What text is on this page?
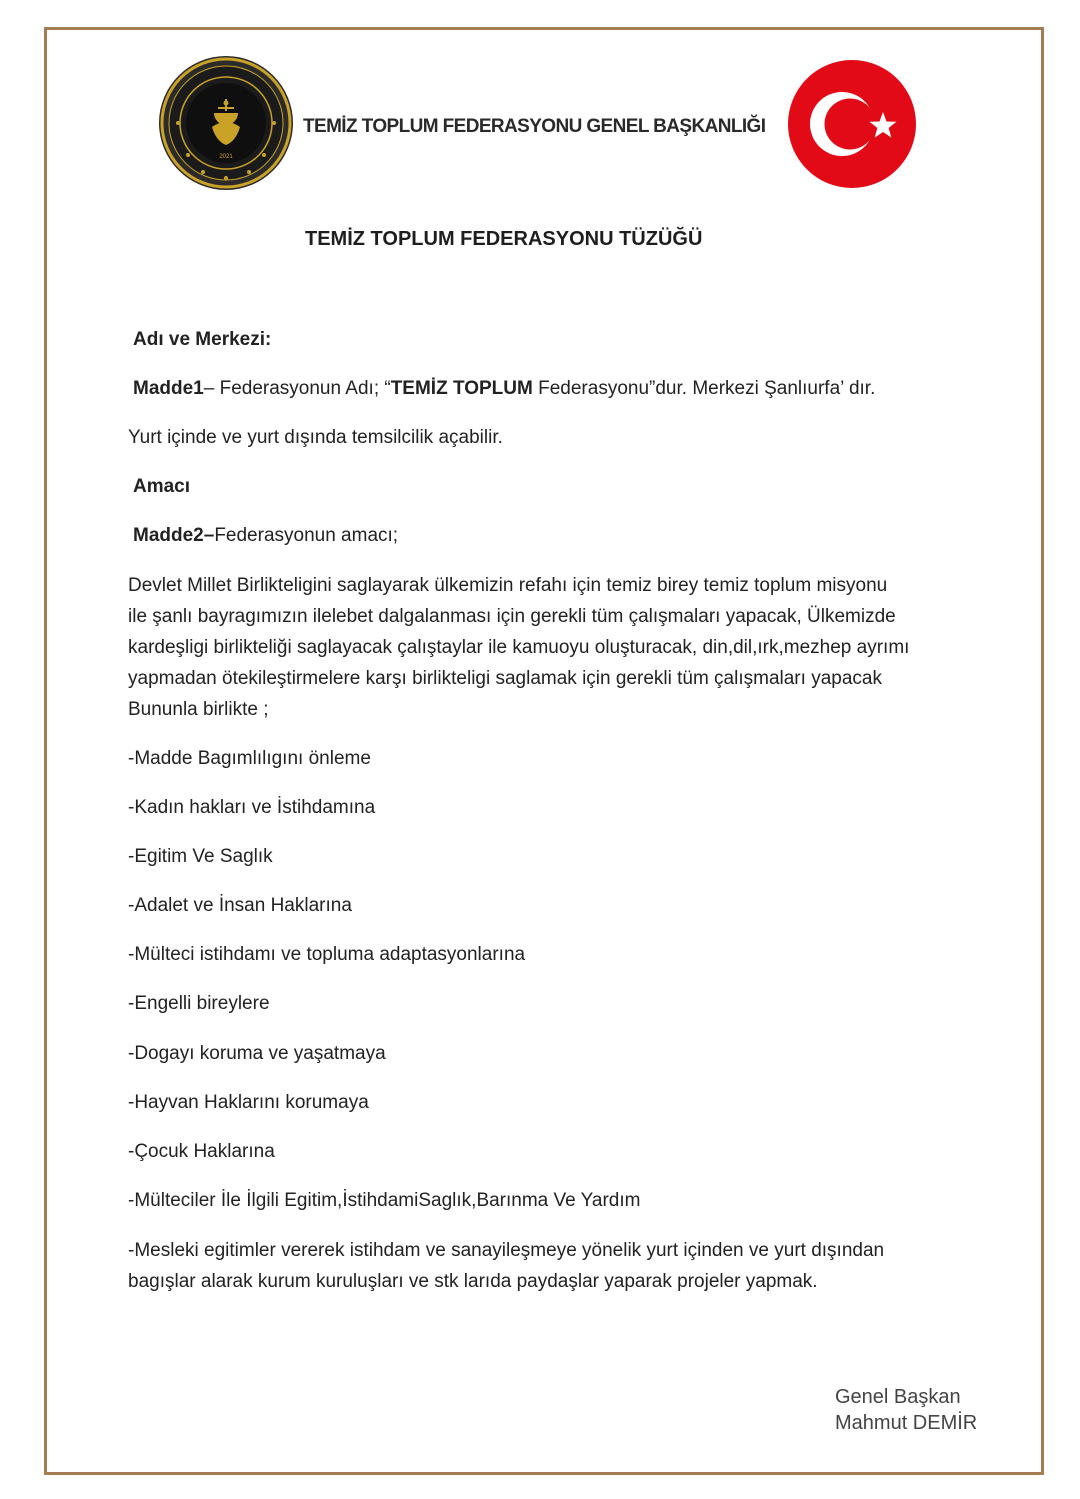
2021
TEMİZ TOPLUM FEDERASYONU GENEL BAŞKANLIĞI
TEMİZ TOPLUM FEDERASYONU TÜZÜĞÜ
Adı ve Merkezi:
Madde1– Federasyonun Adı; “TEMİZ TOPLUM Federasyonu”dur. Merkezi Şanlıurfa’ dır.
Yurt içinde ve yurt dışında temsilcilik açabilir.
Amacı
Madde2–Federasyonun amacı;
Devlet Millet Birlikteligini saglayarak ülkemizin refahı için temiz birey temiz toplum misyonu
ile şanlı bayragımızın ilelebet dalgalanması için gerekli tüm çalışmaları yapacak, Ülkemizde
kardeşligi birlikteliği saglayacak çalıştaylar ile kamuoyu oluşturacak, din,dil,ırk,mezhep ayrımı
yapmadan ötekileştirmelere karşı birlikteligi saglamak için gerekli tüm çalışmaları yapacak
Bununla birlikte ;
-Madde Bagımlılıgını önleme
-Kadın hakları ve İstihdamına
-Egitim Ve Saglık
-Adalet ve İnsan Haklarına
-Mülteci istihdamı ve topluma adaptasyonlarına
-Engelli bireylere
-Dogayı koruma ve yaşatmaya
-Hayvan Haklarını korumaya
-Çocuk Haklarına
-Mülteciler İle İlgili Egitim,İstihdamiSaglık,Barınma Ve Yardım
-Mesleki egitimler vererek istihdam ve sanayileşmeye yönelik yurt içinden ve yurt dışından
bagışlar alarak kurum kuruluşları ve stk larıda paydaşlar yaparak projeler yapmak.
Genel Başkan
Mahmut DEMİR
